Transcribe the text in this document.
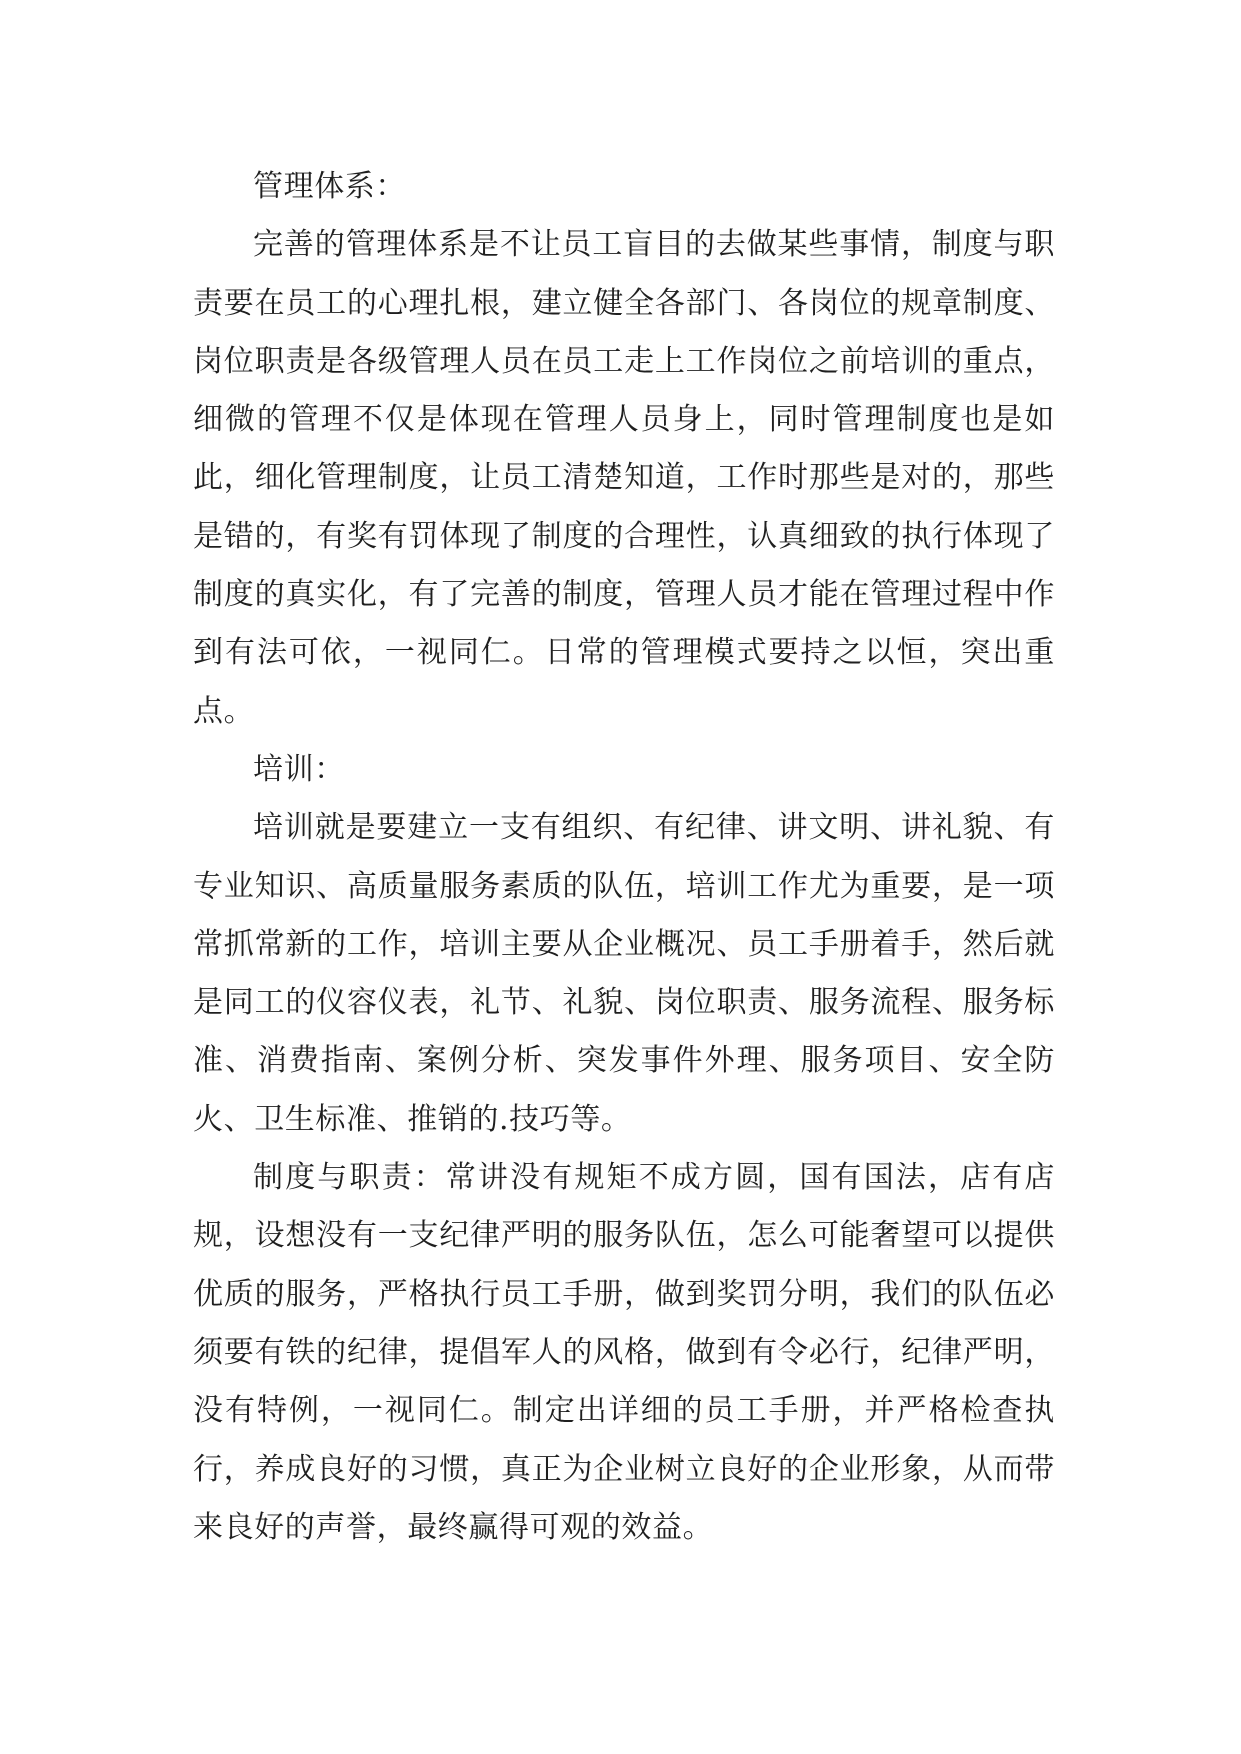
管理体系：

完善的管理体系是不让员工盲目的去做某些事情，制度与职责要在员工的心理扎根，建立健全各部门、各岗位的规章制度、岗位职责是各级管理人员在员工走上工作岗位之前培训的重点，细微的管理不仅是体现在管理人员身上，同时管理制度也是如此，细化管理制度，让员工清楚知道，工作时那些是对的，那些是错的，有奖有罚体现了制度的合理性，认真细致的执行体现了制度的真实化，有了完善的制度，管理人员才能在管理过程中作到有法可依，一视同仁。日常的管理模式要持之以恒，突出重点。

培训：

培训就是要建立一支有组织、有纪律、讲文明、讲礼貌、有专业知识、高质量服务素质的队伍，培训工作尤为重要，是一项常抓常新的工作，培训主要从企业概况、员工手册着手，然后就是同工的仪容仪表，礼节、礼貌、岗位职责、服务流程、服务标准、消费指南、案例分析、突发事件外理、服务项目、安全防火、卫生标准、推销的.技巧等。

制度与职责：常讲没有规矩不成方圆，国有国法，店有店规，设想没有一支纪律严明的服务队伍，怎么可能奢望可以提供优质的服务，严格执行员工手册，做到奖罚分明，我们的队伍必须要有铁的纪律，提倡军人的风格，做到有令必行，纪律严明，没有特例，一视同仁。制定出详细的员工手册，并严格检查执行，养成良好的习惯，真正为企业树立良好的企业形象，从而带来良好的声誉，最终赢得可观的效益。
